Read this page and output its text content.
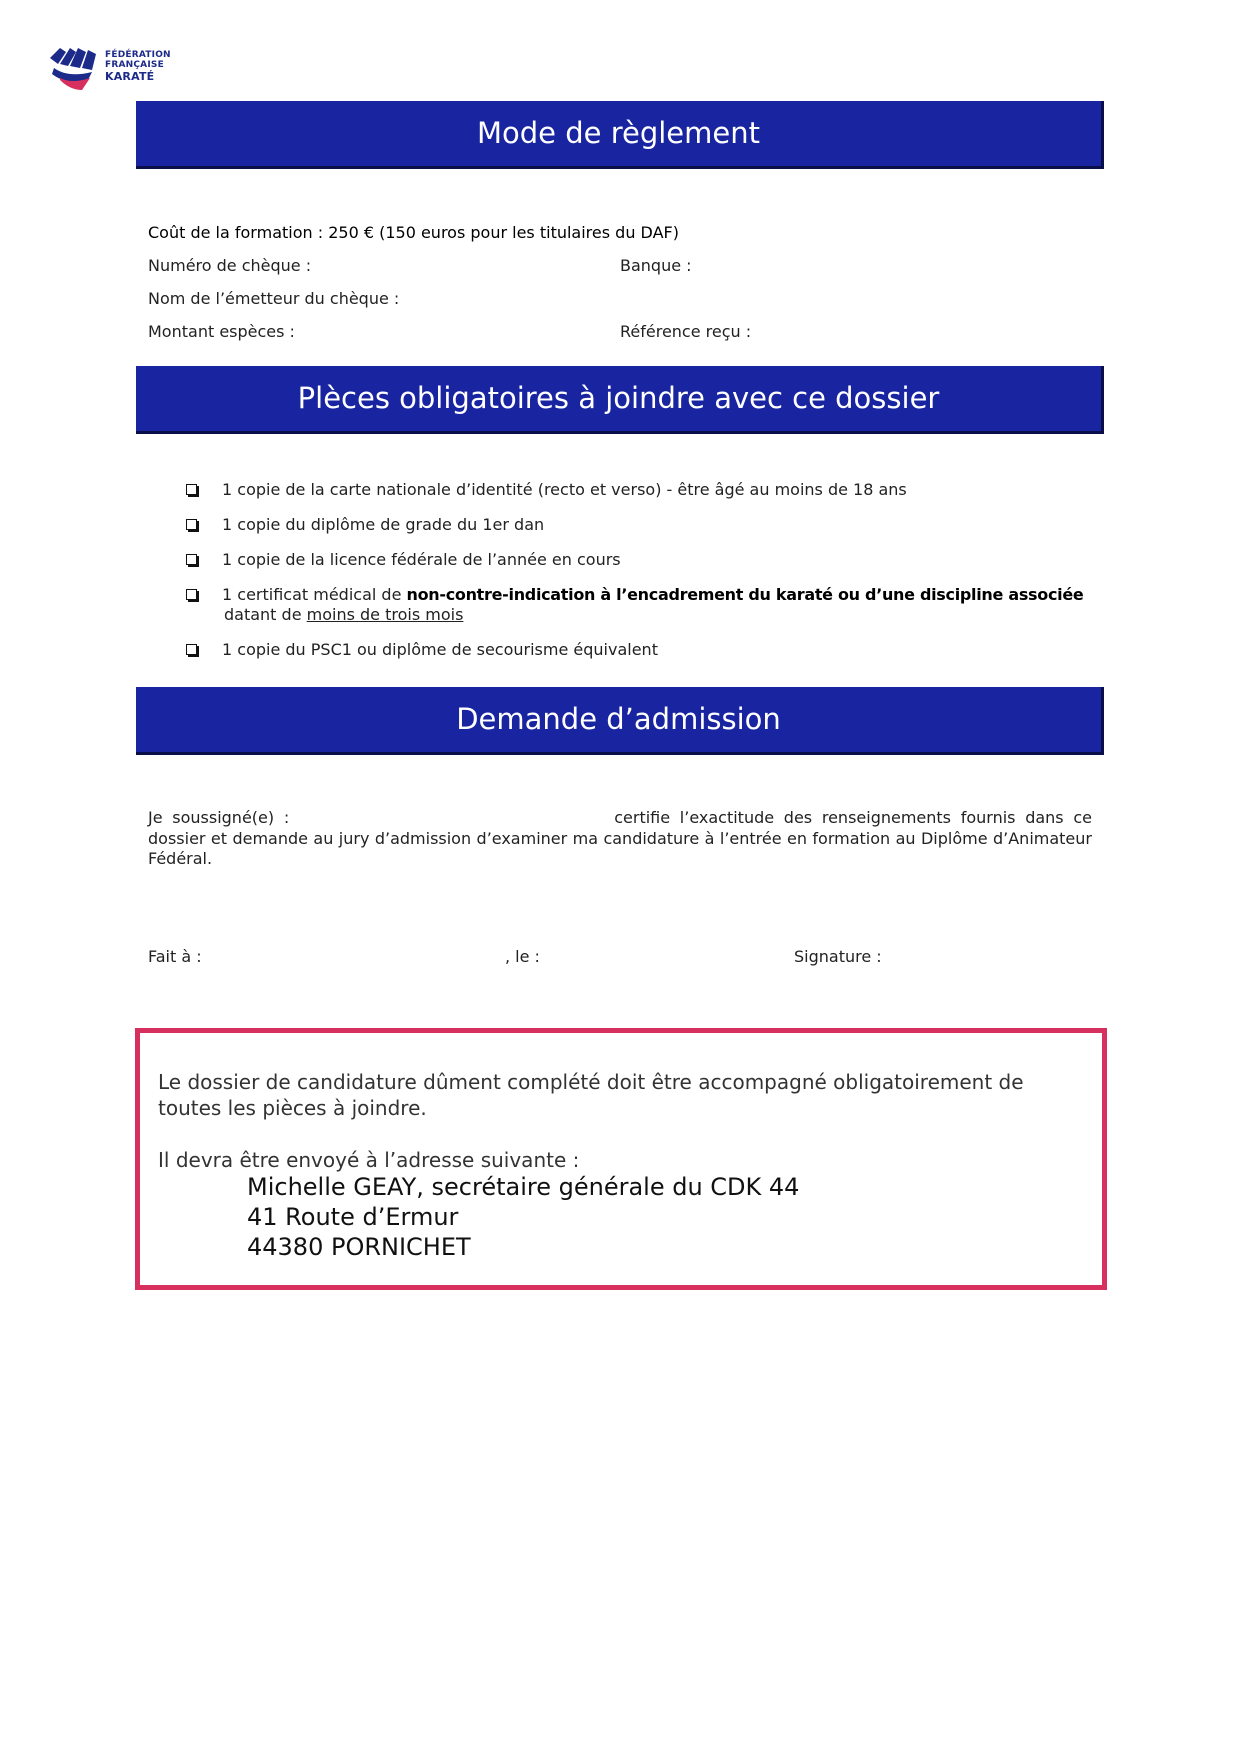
FÉDÉRATION
FRANÇAISE
KARATÉ
Mode de règlement
Coût de la formation : 250 € (150 euros pour les titulaires du DAF)
Numéro de chèque :	Banque :
Nom de l’émetteur du chèque :
Montant espèces :	Référence reçu :
Plèces obligatoires à joindre avec ce dossier
1 copie de la carte nationale d’identité (recto et verso) - être âgé au moins de 18 ans
1 copie du diplôme de grade du 1er dan
1 copie de la licence fédérale de l’année en cours
1 certificat médical de non-contre-indication à l’encadrement du karaté ou d’une discipline associée
datant de moins de trois mois
1 copie du PSC1 ou diplôme de secourisme équivalent
Demande d’admission
Je soussigné(e) :	certifie l’exactitude des renseignements fournis dans ce dossier et demande au jury d’admission d’examiner ma candidature à l’entrée en formation au Diplôme d’Animateur Fédéral.
Fait à :	, le :	Signature :

Le dossier de candidature dûment complété doit être accompagné obligatoirement de toutes les pièces à joindre.

Il devra être envoyé à l’adresse suivante :

Michelle GEAY, secrétaire générale du CDK 44
41 Route d’Ermur
44380 PORNICHET
